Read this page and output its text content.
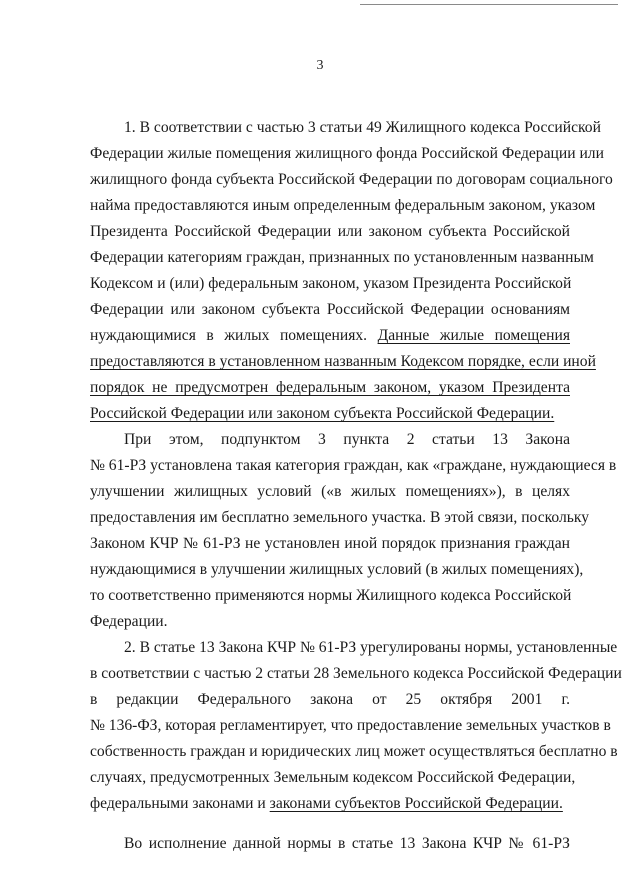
3
1. В соответствии с частью 3 статьи 49 Жилищного кодекса Российской
Федерации жилые помещения жилищного фонда Российской Федерации или
жилищного фонда субъекта Российской Федерации по договорам социального
найма предоставляются иным определенным федеральным законом, указом
Президента Российской Федерации или законом субъекта Российской
Федерации категориям граждан, признанных по установленным названным
Кодексом и (или) федеральным законом, указом Президента Российской
Федерации или законом субъекта Российской Федерации основаниям
нуждающимися в жилых помещениях. Данные жилые помещения
предоставляются в установленном названным Кодексом порядке, если иной
порядок не предусмотрен федеральным законом, указом Президента
Российской Федерации или законом субъекта Российской Федерации.
При этом, подпунктом 3 пункта 2 статьи 13 Закона
№ 61-РЗ установлена такая категория граждан, как «граждане, нуждающиеся в
улучшении жилищных условий («в жилых помещениях»), в целях
предоставления им бесплатно земельного участка. В этой связи, поскольку
Законом КЧР № 61-РЗ не установлен иной порядок признания граждан
нуждающимися в улучшении жилищных условий (в жилых помещениях),
то соответственно применяются нормы Жилищного кодекса Российской
Федерации.
2. В статье 13 Закона КЧР № 61-РЗ урегулированы нормы, установленные
в соответствии с частью 2 статьи 28 Земельного кодекса Российской Федерации
в редакции Федерального закона от 25 октября 2001 г.
№ 136-ФЗ, которая регламентирует, что предоставление земельных участков в
собственность граждан и юридических лиц может осуществляться бесплатно в
случаях, предусмотренных Земельным кодексом Российской Федерации,
федеральными законами и законами субъектов Российской Федерации.
Во исполнение данной нормы в статье 13 Закона КЧР № 61-РЗ
